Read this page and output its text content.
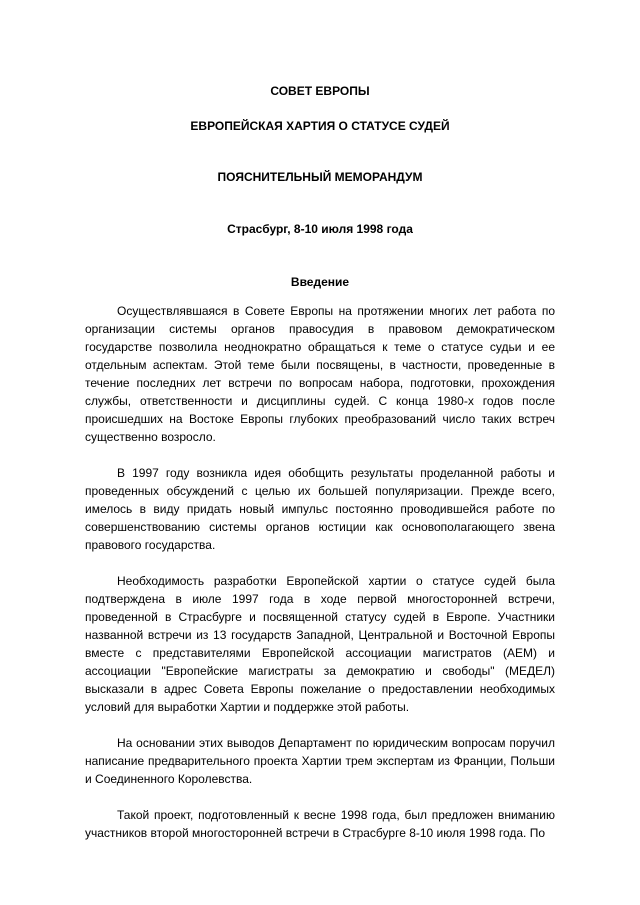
СОВЕТ ЕВРОПЫ
ЕВРОПЕЙСКАЯ ХАРТИЯ О СТАТУСЕ СУДЕЙ
ПОЯСНИТЕЛЬНЫЙ МЕМОРАНДУМ
Страсбург, 8-10 июля 1998 года
Введение

Осуществлявшаяся в Совете Европы на протяжении многих лет работа по организации системы органов правосудия в правовом демократическом государстве позволила неоднократно обращаться к теме о статусе судьи и ее отдельным аспектам. Этой теме были посвящены, в частности, проведенные в течение последних лет встречи по вопросам набора, подготовки, прохождения службы, ответственности и дисциплины судей. С конца 1980-х годов после происшедших на Востоке Европы глубоких преобразований число таких встреч существенно возросло.

В 1997 году возникла идея обобщить результаты проделанной работы и проведенных обсуждений с целью их большей популяризации. Прежде всего, имелось в виду придать новый импульс постоянно проводившейся работе по совершенствованию системы органов юстиции как основополагающего звена правового государства.

Необходимость разработки Европейской хартии о статусе судей была подтверждена в июле 1997 года в ходе первой многосторонней встречи, проведенной в Страсбурге и посвященной статусу судей в Европе. Участники названной встречи из 13 государств Западной, Центральной и Восточной Европы вместе с представителями Европейской ассоциации магистратов (АЕМ) и ассоциации "Европейские магистраты за демократию и свободы" (МЕДЕЛ) высказали в адрес Совета Европы пожелание о предоставлении необходимых условий для выработки Хартии и поддержке этой работы.

На основании этих выводов Департамент по юридическим вопросам поручил написание предварительного проекта Хартии трем экспертам из Франции, Польши и Соединенного Королевства.

Такой проект, подготовленный к весне 1998 года, был предложен вниманию участников второй многосторонней встречи в Страсбурге 8-10 июля 1998 года. По
